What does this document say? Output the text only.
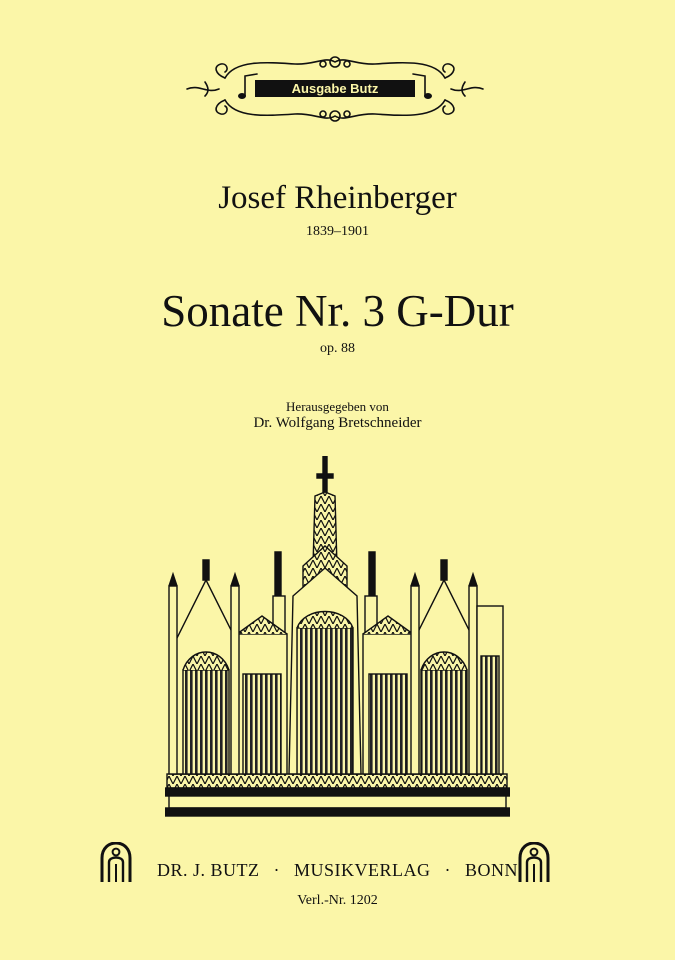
Ausgabe Butz
Josef Rheinberger
1839–1901
Sonate Nr. 3 G-Dur
op. 88
Herausgegeben von
Dr. Wolfgang Bretschneider
DR. J. BUTZ · MUSIKVERLAG · BONN
Verl.-Nr. 1202
